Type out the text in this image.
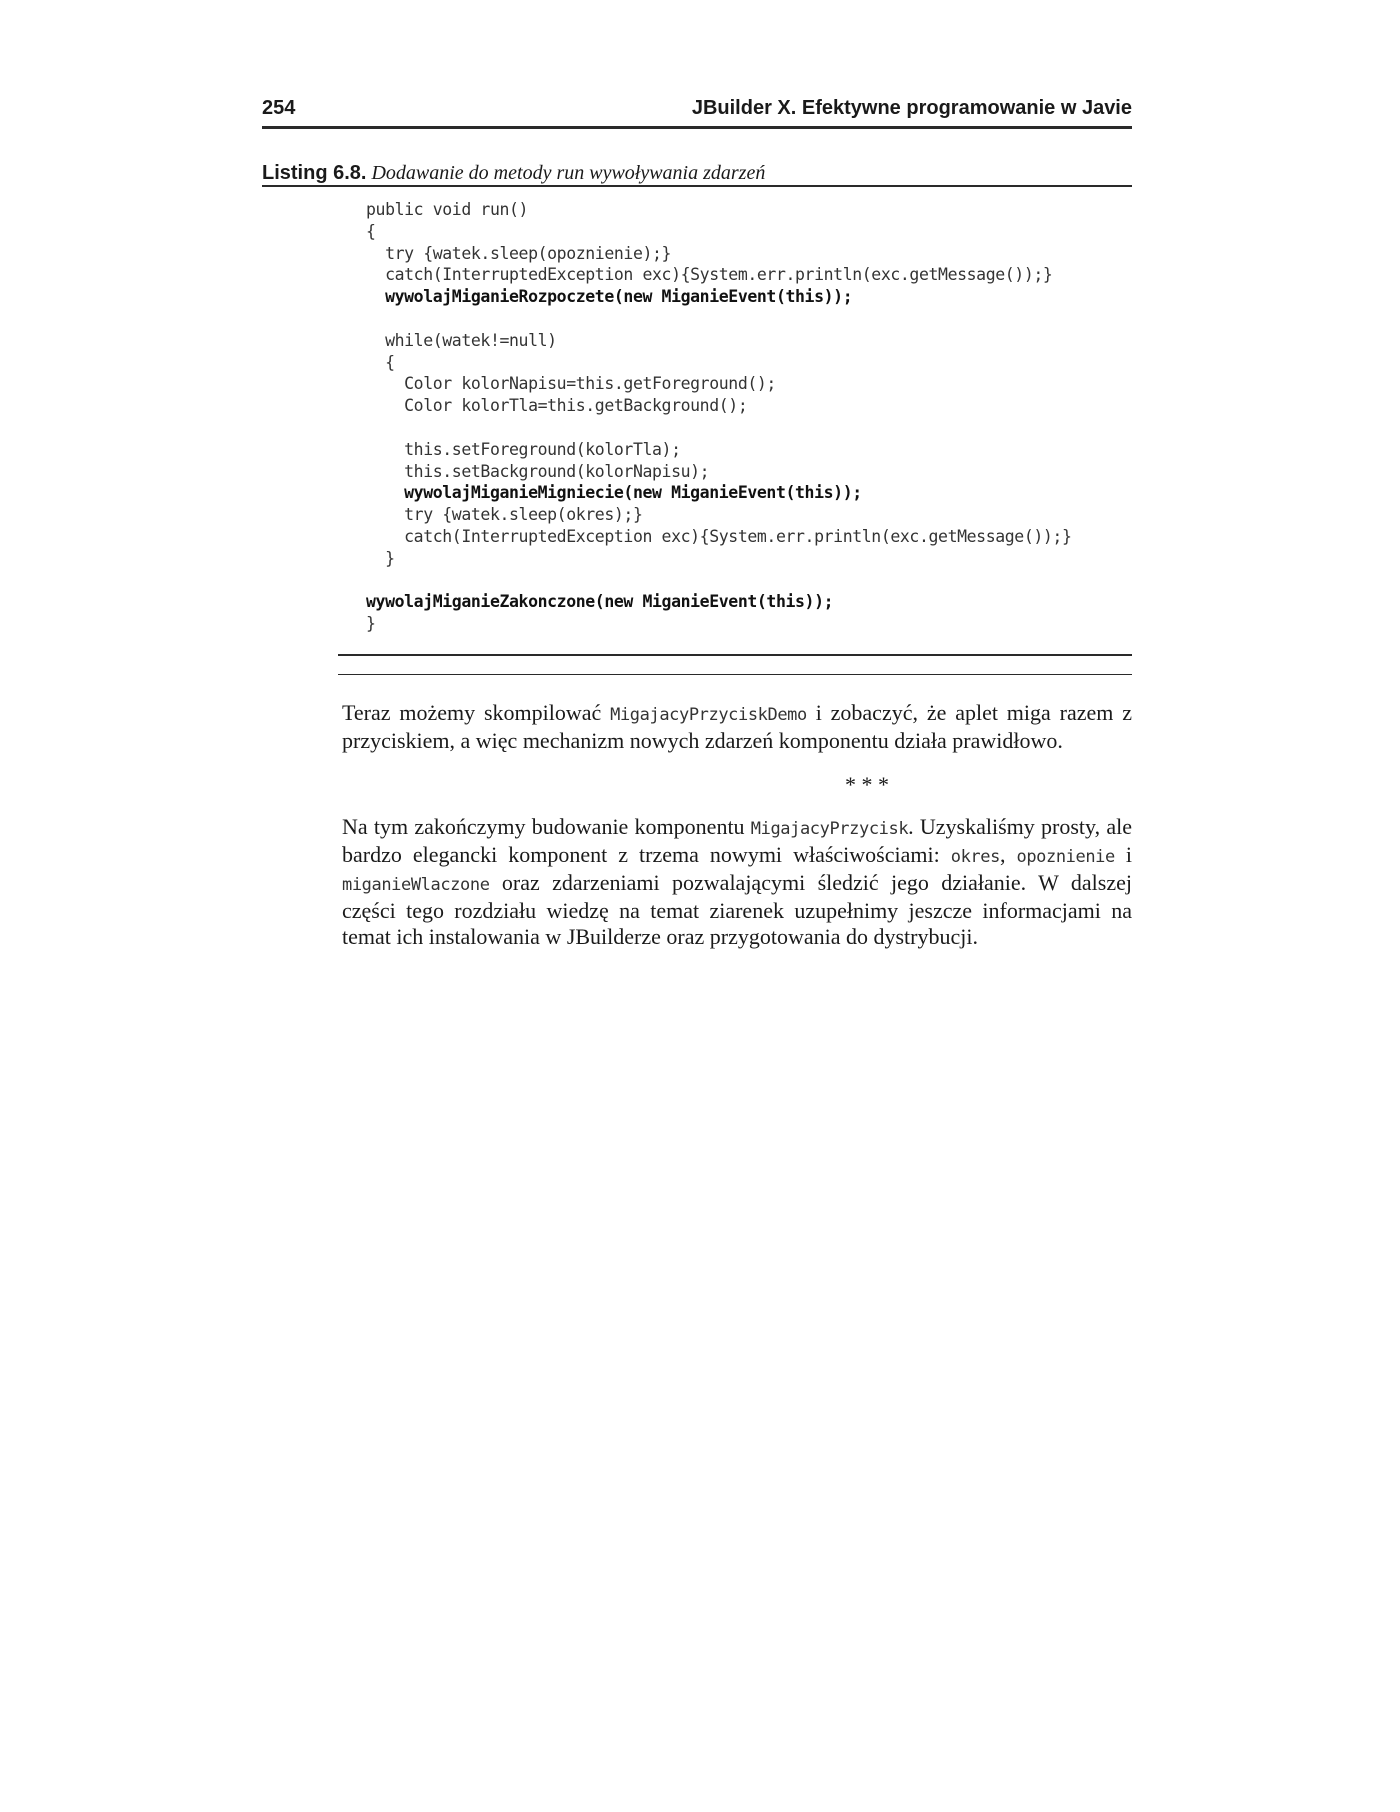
254	JBuilder X. Efektywne programowanie w Javie
Listing 6.8. Dodawanie do metody run wywoływania zdarzeń
public void run()
{
try {watek.sleep(opoznienie);}
catch(InterruptedException exc){System.err.println(exc.getMessage());}
wywolajMiganieRozpoczete(new MiganieEvent(this));
while(watek!=null)
{
Color kolorNapisu=this.getForeground();
Color kolorTla=this.getBackground();
this.setForeground(kolorTla);
this.setBackground(kolorNapisu);
wywolajMiganieMigniecie(new MiganieEvent(this));
try {watek.sleep(okres);}
catch(InterruptedException exc){System.err.println(exc.getMessage());}
}
wywolajMiganieZakonczone(new MiganieEvent(this));
}

Teraz możemy skompilować MigajacyPrzyciskDemo i zobaczyć, że aplet miga razem z przyciskiem, a więc mechanizm nowych zdarzeń komponentu działa prawidłowo.

* * *

Na tym zakończymy budowanie komponentu MigajacyPrzycisk. Uzyskaliśmy prosty, ale bardzo elegancki komponent z trzema nowymi właściwościami: okres, opoznienie i miganieWlaczone oraz zdarzeniami pozwalającymi śledzić jego działanie. W dalszej części tego rozdziału wiedzę na temat ziarenek uzupełnimy jeszcze informacjami na temat ich instalowania w JBuilderze oraz przygotowania do dystrybucji.
